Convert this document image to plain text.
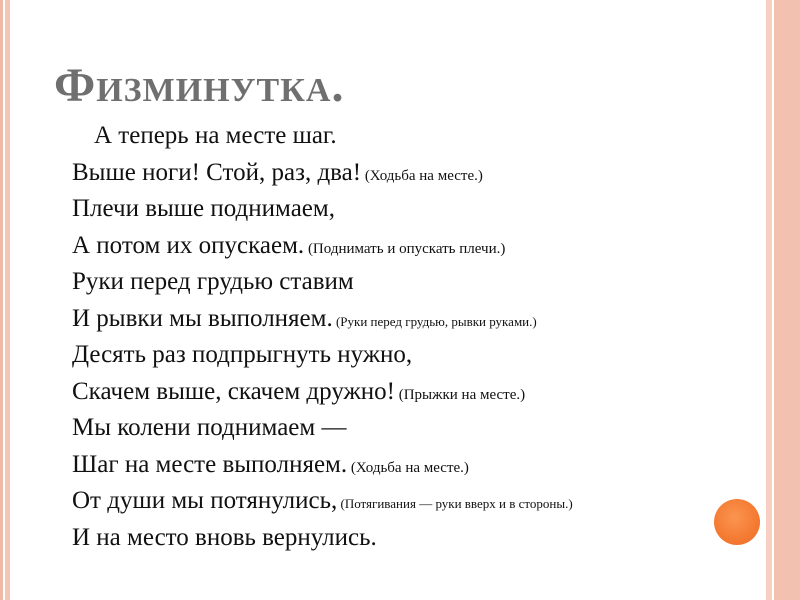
Физминутка.
А теперь на месте шаг.
Выше ноги! Стой, раз, два! (Ходьба на месте.)
Плечи выше поднимаем,
А потом их опускаем. (Поднимать и опускать плечи.)
Руки перед грудью ставим
И рывки мы выполняем. (Руки перед грудью, рывки руками.)
Десять раз подпрыгнуть нужно,
Скачем выше, скачем дружно! (Прыжки на месте.)
Мы колени поднимаем —
Шаг на месте выполняем. (Ходьба на месте.)
От души мы потянулись, (Потягивания — руки вверх и в стороны.)
И на место вновь вернулись.
